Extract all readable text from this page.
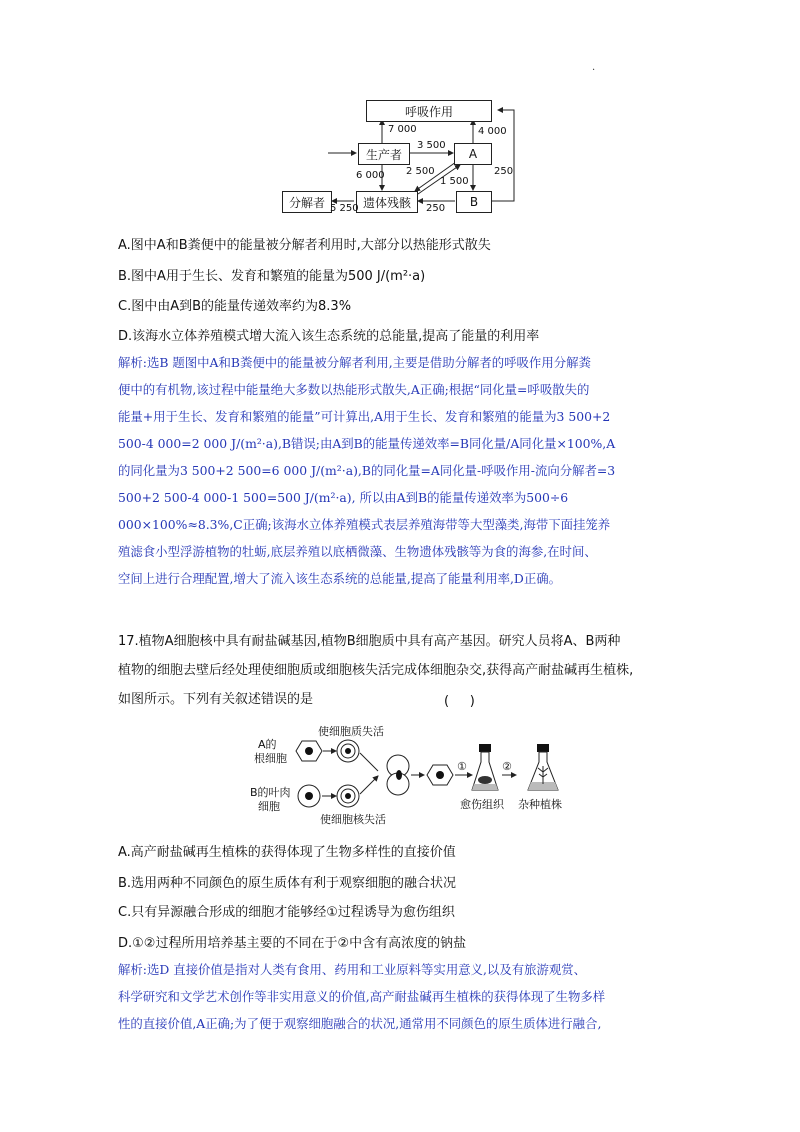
.
呼吸作用
生产者	A
B
遗体残骸
分解者
7 000	4 000
3 500
6 000 2 500
1 500
250
250
5 250
A.图中A和B粪便中的能量被分解者利用时,大部分以热能形式散失
B.图中A用于生长、发育和繁殖的能量为500 J/(m²·a)
C.图中由A到B的能量传递效率约为8.3%
D.该海水立体养殖模式增大流入该生态系统的总能量,提高了能量的利用率
解析:选B 题图中A和B粪便中的能量被分解者利用,主要是借助分解者的呼吸作用分解粪
便中的有机物,该过程中能量绝大多数以热能形式散失,A正确;根据“同化量=呼吸散失的
能量+用于生长、发育和繁殖的能量”可计算出,A用于生长、发育和繁殖的能量为3 500+2
500-4 000=2 000 J/(m²·a),B错误;由A到B的能量传递效率=B同化量/A同化量×100%,A
的同化量为3 500+2 500=6 000 J/(m²·a),B的同化量=A同化量-呼吸作用-流向分解者=3
500+2 500-4 000-1 500=500 J/(m²·a), 所以由A到B的能量传递效率为500÷6
000×100%≈8.3%,C正确;该海水立体养殖模式表层养殖海带等大型藻类,海带下面挂笼养
殖滤食小型浮游植物的牡蛎,底层养殖以底栖微藻、生物遗体残骸等为食的海参,在时间、
空间上进行合理配置,增大了流入该生态系统的总能量,提高了能量利用率,D正确。
17.植物A细胞核中具有耐盐碱基因,植物B细胞质中具有高产基因。研究人员将A、B两种
植物的细胞去壁后经处理使细胞质或细胞核失活完成体细胞杂交,获得高产耐盐碱再生植株,
如图所示。下列有关叙述错误的是	(     )
A的
根细胞
B的叶肉
细胞
使细胞质失活
使细胞核失活
①	②
愈伤组织 杂种植株
A.高产耐盐碱再生植株的获得体现了生物多样性的直接价值
B.选用两种不同颜色的原生质体有利于观察细胞的融合状况
C.只有异源融合形成的细胞才能够经①过程诱导为愈伤组织
D.①②过程所用培养基主要的不同在于②中含有高浓度的钠盐
解析:选D 直接价值是指对人类有食用、药用和工业原料等实用意义,以及有旅游观赏、
科学研究和文学艺术创作等非实用意义的价值,高产耐盐碱再生植株的获得体现了生物多样
性的直接价值,A正确;为了便于观察细胞融合的状况,通常用不同颜色的原生质体进行融合,
